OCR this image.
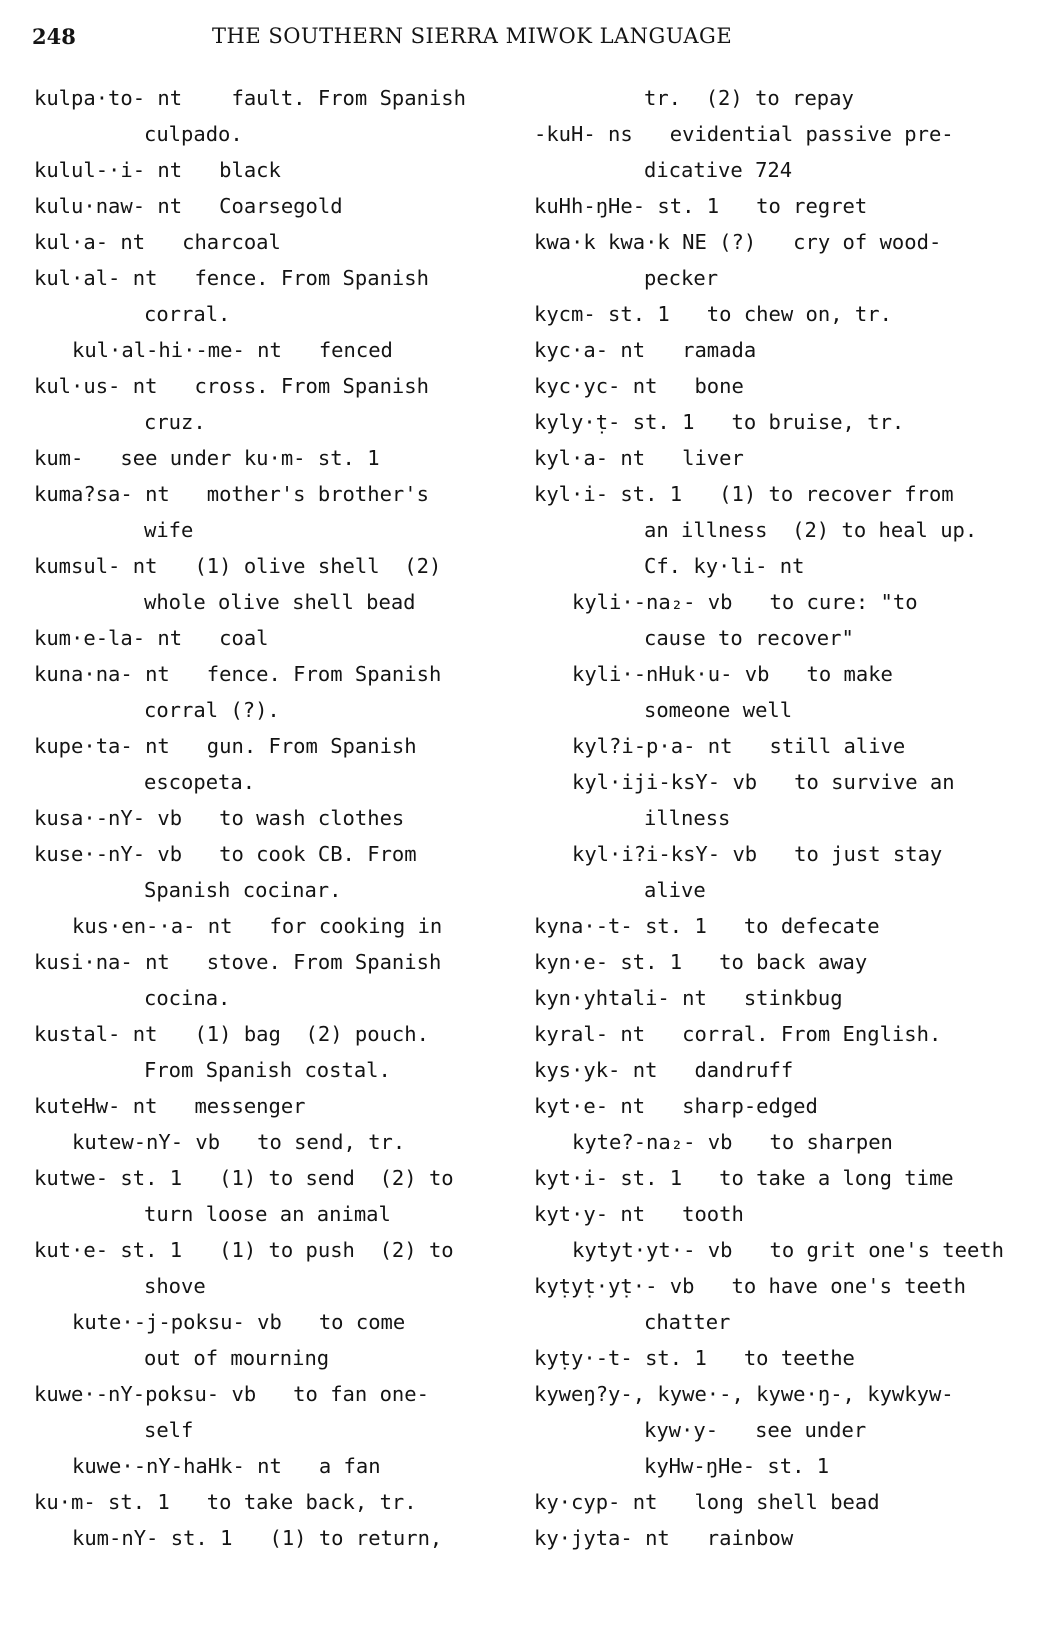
248	THE SOUTHERN SIERRA MIWOK LANGUAGE
kulpa·to- nt    fault. From Spanish
culpado.
kulul-·i- nt   black
kulu·naw- nt   Coarsegold
kul·a- nt   charcoal
kul·al- nt   fence. From Spanish
corral.
kul·al-hi·-me- nt   fenced
kul·us- nt   cross. From Spanish
cruz.
kum-   see under ku·m- st. 1
kuma?sa- nt   mother's brother's
wife
kumsul- nt   (1) olive shell  (2)
whole olive shell bead
kum·e-la- nt   coal
kuna·na- nt   fence. From Spanish
corral (?).
kupe·ta- nt   gun. From Spanish
escopeta.
kusa·-nY- vb   to wash clothes
kuse·-nY- vb   to cook CB. From
Spanish cocinar.
kus·en-·a- nt   for cooking in
kusi·na- nt   stove. From Spanish
cocina.
kustal- nt   (1) bag  (2) pouch.
From Spanish costal.
kuteHw- nt   messenger
kutew-nY- vb   to send, tr.
kutwe- st. 1   (1) to send  (2) to
turn loose an animal
kut·e- st. 1   (1) to push  (2) to
shove
kute·-j-poksu- vb   to come
out of mourning
kuwe·-nY-poksu- vb   to fan one-
self
kuwe·-nY-haHk- nt   a fan
ku·m- st. 1   to take back, tr.
kum-nY- st. 1   (1) to return,
tr.  (2) to repay
-kuH- ns   evidential passive pre-
dicative 724
kuHh-ŋHe- st. 1   to regret
kwa·k kwa·k NE (?)   cry of wood-
pecker
kycm- st. 1   to chew on, tr.
kyc·a- nt   ramada
kyc·yc- nt   bone
kyly·ṭ- st. 1   to bruise, tr.
kyl·a- nt   liver
kyl·i- st. 1   (1) to recover from
an illness  (2) to heal up.
Cf. ky·li- nt
kyli·-na₂- vb   to cure: "to
cause to recover"
kyli·-nHuk·u- vb   to make
someone well
kyl?i-p·a- nt   still alive
kyl·iji-ksY- vb   to survive an
illness
kyl·i?i-ksY- vb   to just stay
alive
kyna·-t- st. 1   to defecate
kyn·e- st. 1   to back away
kyn·yhtali- nt   stinkbug
kyral- nt   corral. From English.
kys·yk- nt   dandruff
kyt·e- nt   sharp-edged
kyte?-na₂- vb   to sharpen
kyt·i- st. 1   to take a long time
kyt·y- nt   tooth
kytyt·yt·- vb   to grit one's teeth
kyṭyṭ·yṭ·- vb   to have one's teeth
chatter
kyṭy·-t- st. 1   to teethe
kyweŋ?y-, kywe·-, kywe·ŋ-, kywkyw-
kyw·y-   see under
kyHw-ŋHe- st. 1
ky·cyp- nt   long shell bead
ky·jyta- nt   rainbow
